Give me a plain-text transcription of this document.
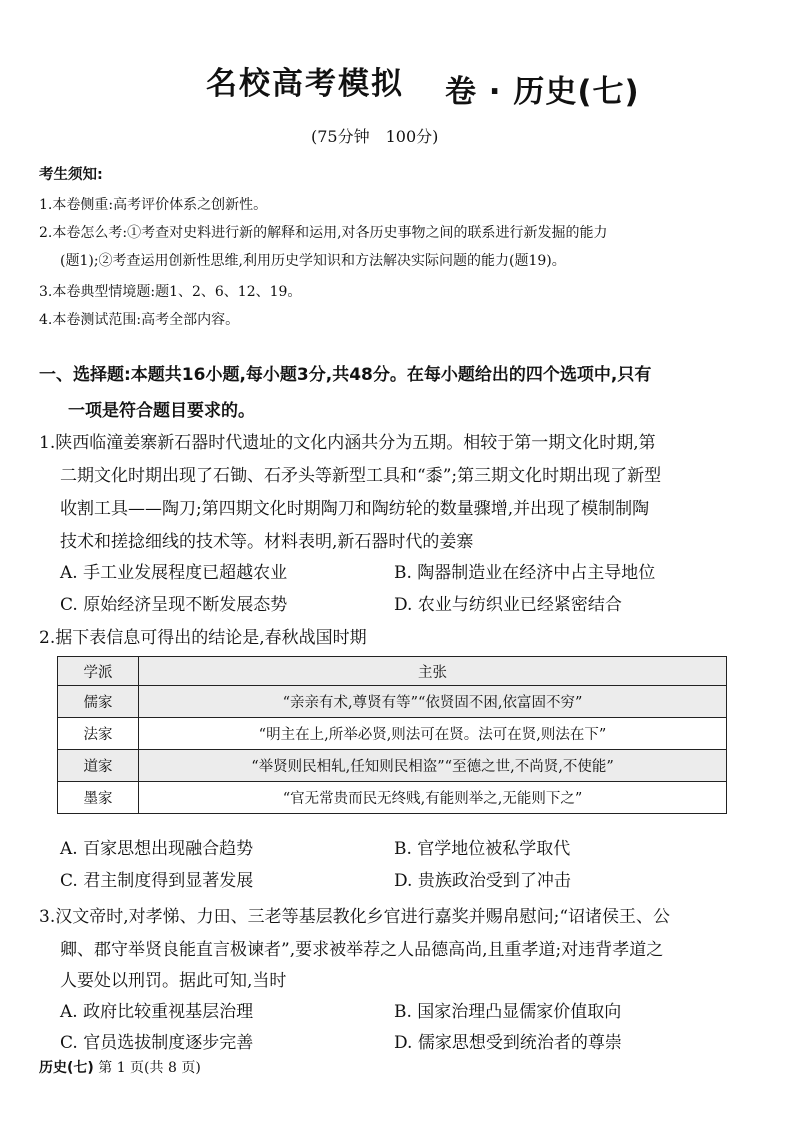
名校高考模拟 卷 · 历史(七)
(75分钟　100分)
考生须知:
1.本卷侧重:高考评价体系之创新性。
2.本卷怎么考:①考查对史料进行新的解释和运用,对各历史事物之间的联系进行新发掘的能力
(题1);②考查运用创新性思维,利用历史学知识和方法解决实际问题的能力(题19)。
3.本卷典型情境题:题1、2、6、12、19。
4.本卷测试范围:高考全部内容。
一、选择题:本题共16小题,每小题3分,共48分。在每小题给出的四个选项中,只有
一项是符合题目要求的。
1.陕西临潼姜寨新石器时代遗址的文化内涵共分为五期。相较于第一期文化时期,第
二期文化时期出现了石锄、石矛头等新型工具和“黍”;第三期文化时期出现了新型
收割工具——陶刀;第四期文化时期陶刀和陶纺轮的数量骤增,并出现了模制制陶
技术和搓捻细线的技术等。材料表明,新石器时代的姜寨
A. 手工业发展程度已超越农业	B. 陶器制造业在经济中占主导地位
C. 原始经济呈现不断发展态势	D. 农业与纺织业已经紧密结合
2.据下表信息可得出的结论是,春秋战国时期
学派	主张
儒家	“亲亲有术,尊贤有等”“依贤固不困,依富固不穷”
法家	“明主在上,所举必贤,则法可在贤。法可在贤,则法在下”
道家	“举贤则民相轧,任知则民相盗”“至德之世,不尚贤,不使能”
墨家	“官无常贵而民无终贱,有能则举之,无能则下之”
A. 百家思想出现融合趋势	B. 官学地位被私学取代
C. 君主制度得到显著发展	D. 贵族政治受到了冲击
3.汉文帝时,对孝悌、力田、三老等基层教化乡官进行嘉奖并赐帛慰问;“诏诸侯王、公
卿、郡守举贤良能直言极谏者”,要求被举荐之人品德高尚,且重孝道;对违背孝道之
人要处以刑罚。据此可知,当时
A. 政府比较重视基层治理	B. 国家治理凸显儒家价值取向
C. 官员选拔制度逐步完善	D. 儒家思想受到统治者的尊崇
历史(七) 第 1 页(共 8 页)
